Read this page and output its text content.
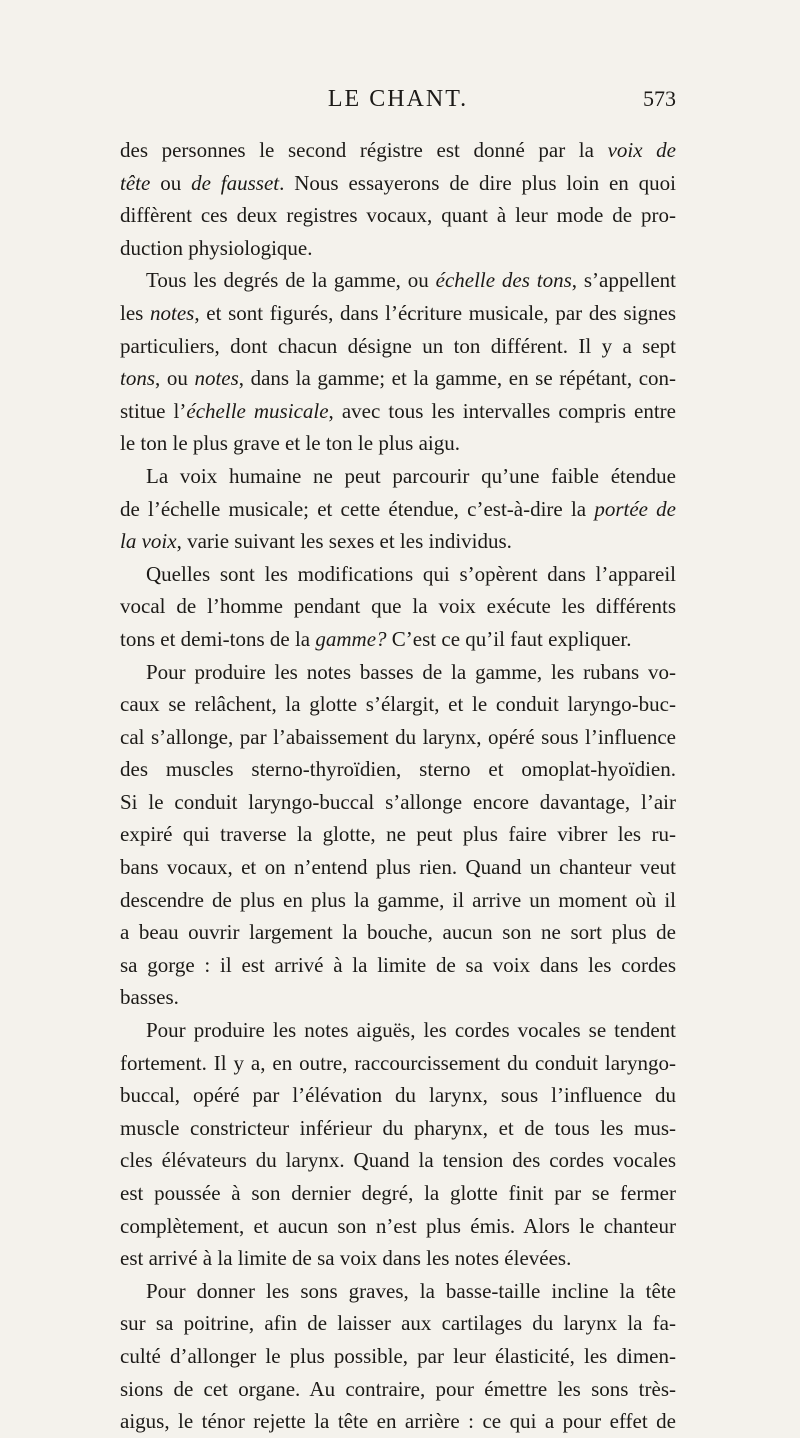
LE CHANT.	573
des personnes le second régistre est donné par la voix de
tête ou de fausset. Nous essayerons de dire plus loin en quoi
diffèrent ces deux registres vocaux, quant à leur mode de pro-
duction physiologique.
Tous les degrés de la gamme, ou échelle des tons, s’appellent
les notes, et sont figurés, dans l’écriture musicale, par des signes
particuliers, dont chacun désigne un ton différent. Il y a sept
tons, ou notes, dans la gamme; et la gamme, en se répétant, con-
stitue l’échelle musicale, avec tous les intervalles compris entre
le ton le plus grave et le ton le plus aigu.
La voix humaine ne peut parcourir qu’une faible étendue
de l’échelle musicale; et cette étendue, c’est-à-dire la portée de
la voix, varie suivant les sexes et les individus.
Quelles sont les modifications qui s’opèrent dans l’appareil
vocal de l’homme pendant que la voix exécute les différents
tons et demi-tons de la gamme? C’est ce qu’il faut expliquer.
Pour produire les notes basses de la gamme, les rubans vo-
caux se relâchent, la glotte s’élargit, et le conduit laryngo-buc-
cal s’allonge, par l’abaissement du larynx, opéré sous l’influence
des muscles sterno-thyroïdien, sterno et omoplat-hyoïdien.
Si le conduit laryngo-buccal s’allonge encore davantage, l’air
expiré qui traverse la glotte, ne peut plus faire vibrer les ru-
bans vocaux, et on n’entend plus rien. Quand un chanteur veut
descendre de plus en plus la gamme, il arrive un moment où il
a beau ouvrir largement la bouche, aucun son ne sort plus de
sa gorge : il est arrivé à la limite de sa voix dans les cordes
basses.
Pour produire les notes aiguës, les cordes vocales se tendent
fortement. Il y a, en outre, raccourcissement du conduit laryngo-
buccal, opéré par l’élévation du larynx, sous l’influence du
muscle constricteur inférieur du pharynx, et de tous les mus-
cles élévateurs du larynx. Quand la tension des cordes vocales
est poussée à son dernier degré, la glotte finit par se fermer
complètement, et aucun son n’est plus émis. Alors le chanteur
est arrivé à la limite de sa voix dans les notes élevées.
Pour donner les sons graves, la basse-taille incline la tête
sur sa poitrine, afin de laisser aux cartilages du larynx la fa-
culté d’allonger le plus possible, par leur élasticité, les dimen-
sions de cet organe. Au contraire, pour émettre les sons très-
aigus, le ténor rejette la tête en arrière : ce qui a pour effet de
